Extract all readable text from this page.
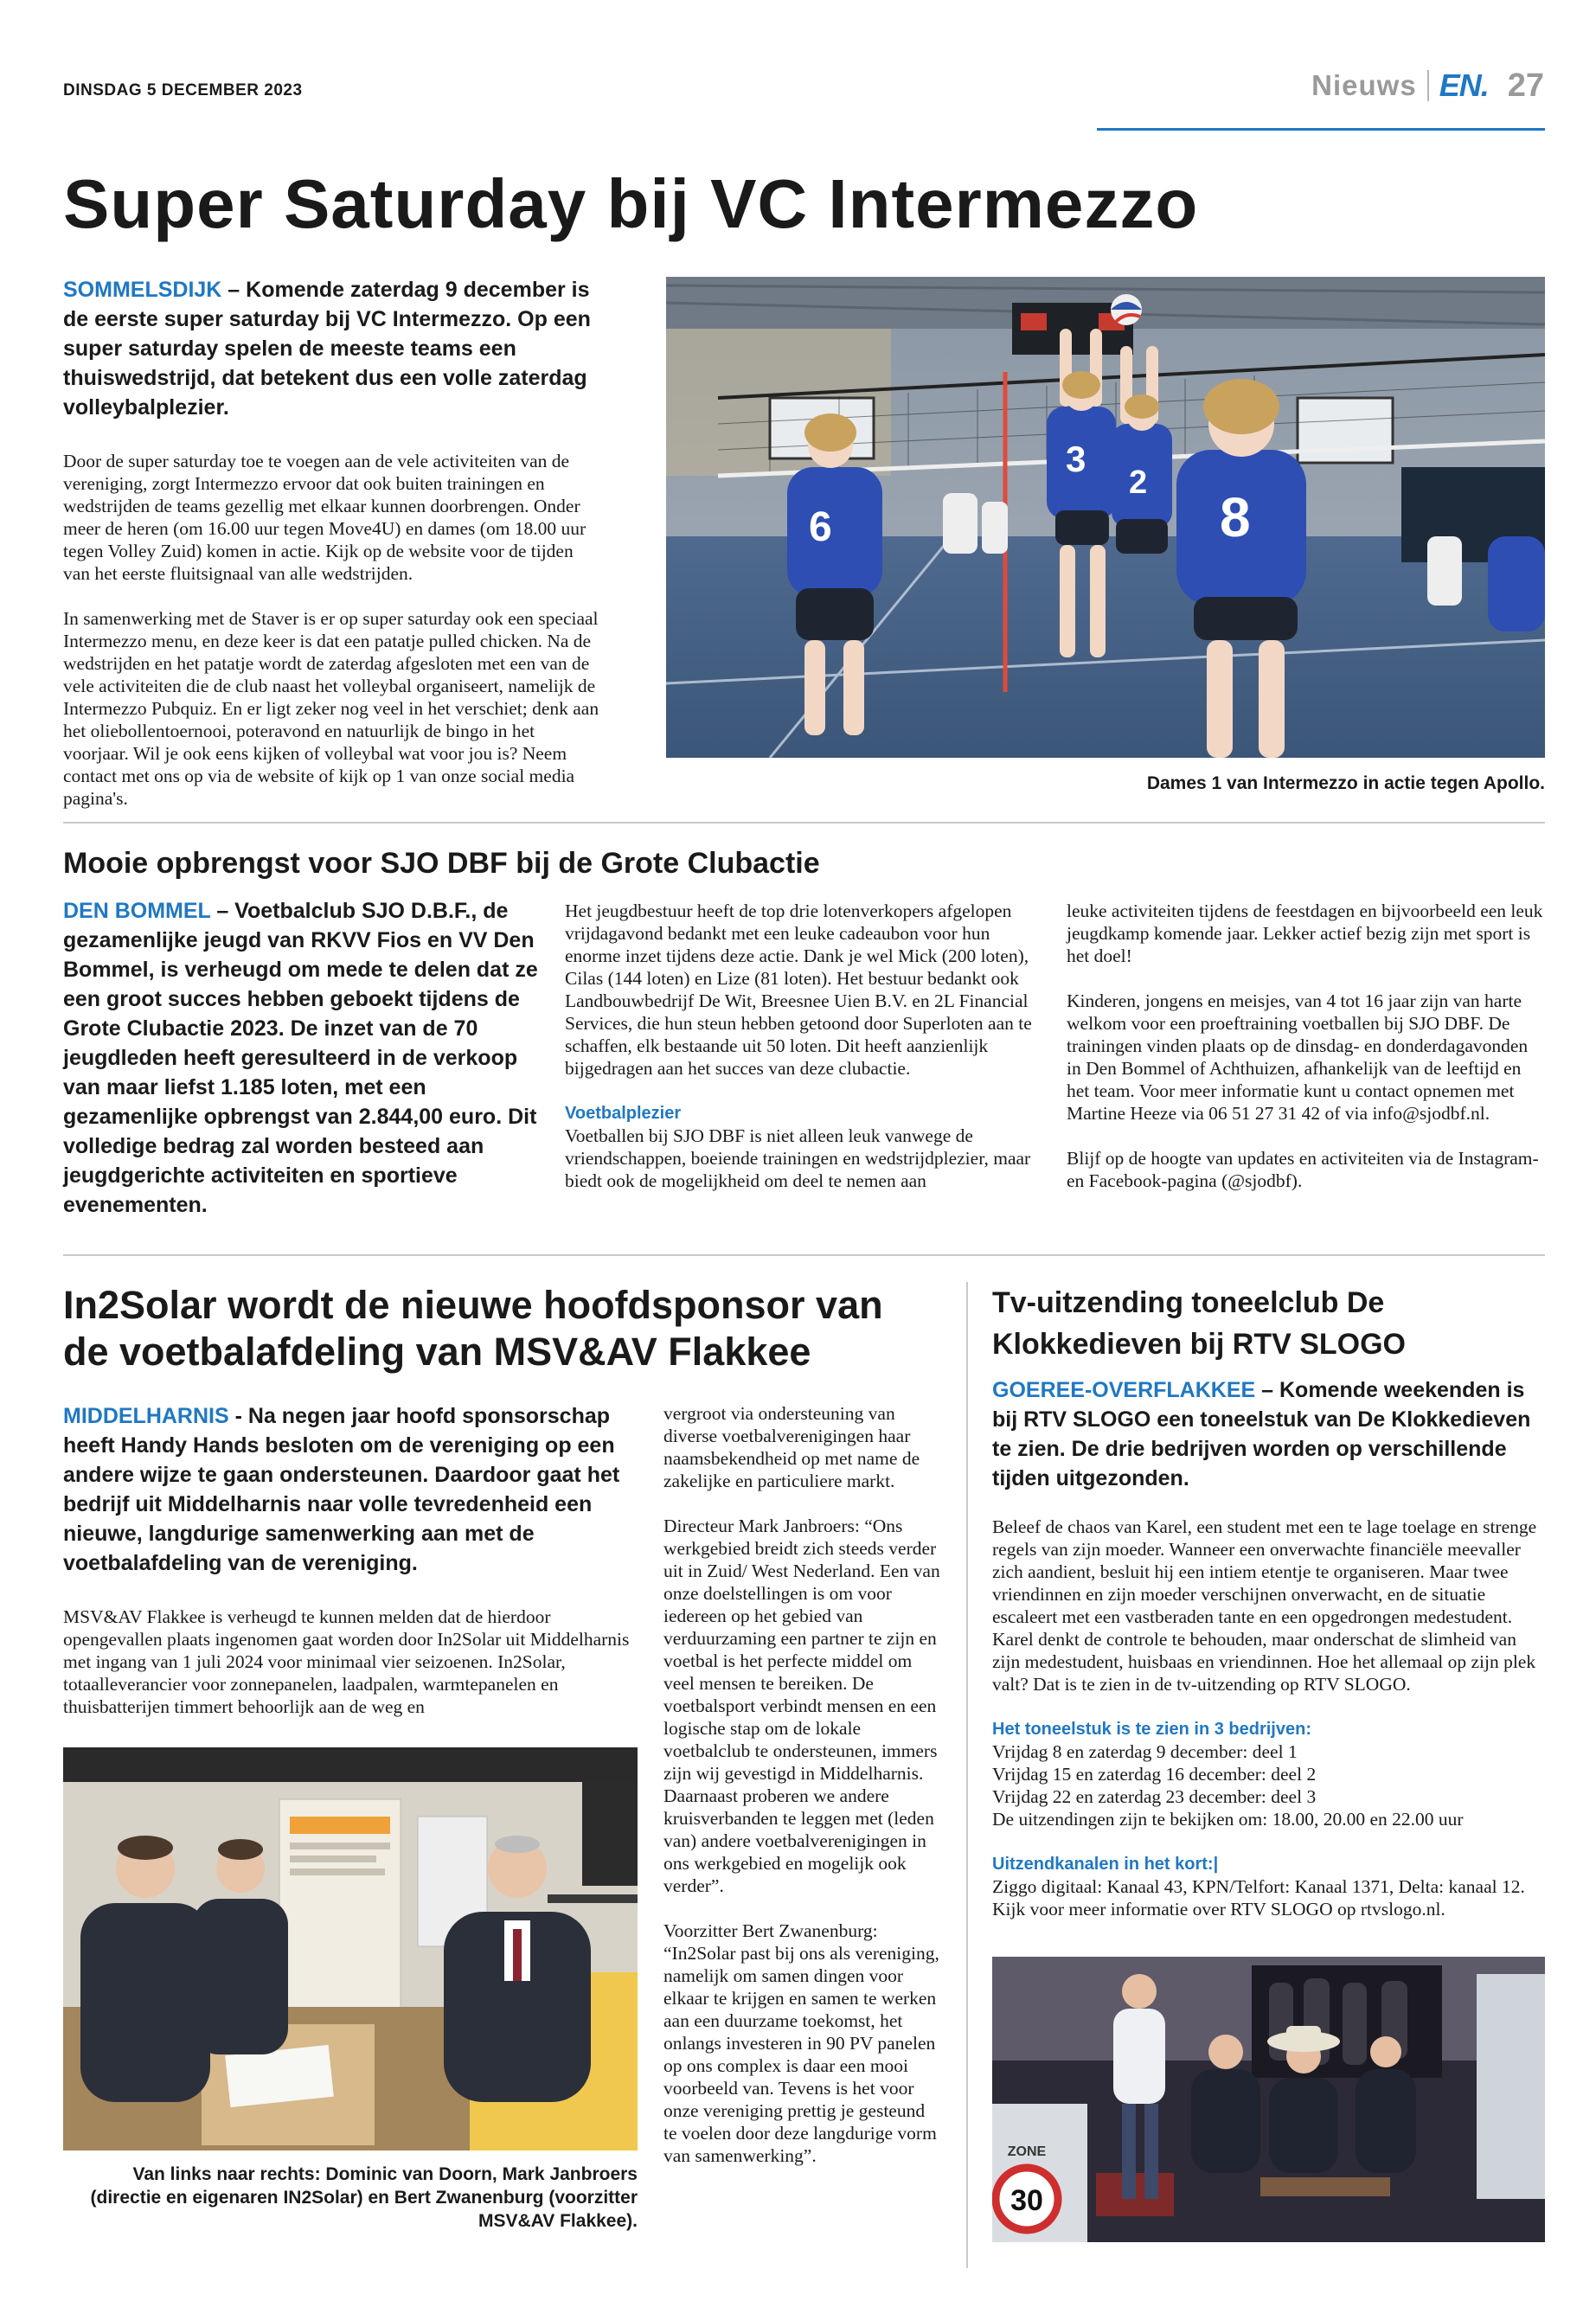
DINSDAG 5 DECEMBER 2023	Nieuws EN. 27
Super Saturday bij VC Intermezzo
SOMMELSDIJK – Komende zaterdag 9 december is de eerste super saturday bij VC Intermezzo. Op een super saturday spelen de meeste teams een thuiswedstrijd, dat betekent dus een volle zaterdag volleybalplezier.

Door de super saturday toe te voegen aan de vele activiteiten van de vereniging, zorgt Intermezzo ervoor dat ook buiten trainingen en wedstrijden de teams gezellig met elkaar kunnen doorbrengen. Onder meer de heren (om 16.00 uur tegen Move4U) en dames (om 18.00 uur tegen Volley Zuid) komen in actie. Kijk op de website voor de tijden van het eerste fluitsignaal van alle wedstrijden.

In samenwerking met de Staver is er op super saturday ook een speciaal Intermezzo menu, en deze keer is dat een patatje pulled chicken. Na de wedstrijden en het patatje wordt de zaterdag afgesloten met een van de vele activiteiten die de club naast het volleybal organiseert, namelijk de Intermezzo Pubquiz. En er ligt zeker nog veel in het verschiet; denk aan het oliebollentoernooi, poteravond en natuurlijk de bingo in het voorjaar. Wil je ook eens kijken of volleybal wat voor jou is? Neem contact met ons op via de website of kijk op 1 van onze social media pagina's.

6
3
2
8
Dames 1 van Intermezzo in actie tegen Apollo.
Mooie opbrengst voor SJO DBF bij de Grote Clubactie
DEN BOMMEL – Voetbalclub SJO D.B.F., de gezamenlijke jeugd van RKVV Fios en VV Den Bommel, is verheugd om mede te delen dat ze een groot succes hebben geboekt tijdens de Grote Clubactie 2023. De inzet van de 70 jeugdleden heeft geresulteerd in de verkoop van maar liefst 1.185 loten, met een gezamenlijke opbrengst van 2.844,00 euro. Dit volledige bedrag zal worden besteed aan jeugdgerichte activiteiten en sportieve evenementen.

Het jeugdbestuur heeft de top drie lotenverkopers afgelopen vrijdagavond bedankt met een leuke cadeaubon voor hun enorme inzet tijdens deze actie. Dank je wel Mick (200 loten), Cilas (144 loten) en Lize (81 loten). Het bestuur bedankt ook Landbouwbedrijf De Wit, Breesnee Uien B.V. en 2L Financial Services, die hun steun hebben getoond door Superloten aan te schaffen, elk bestaande uit 50 loten. Dit heeft aanzienlijk bijgedragen aan het succes van deze clubactie.

Voetbalplezier

Voetballen bij SJO DBF is niet alleen leuk vanwege de vriendschappen, boeiende trainingen en wedstrijdplezier, maar biedt ook de mogelijkheid om deel te nemen aan

leuke activiteiten tijdens de feestdagen en bijvoorbeeld een leuk jeugdkamp komende jaar. Lekker actief bezig zijn met sport is het doel!

Kinderen, jongens en meisjes, van 4 tot 16 jaar zijn van harte welkom voor een proeftraining voetballen bij SJO DBF. De trainingen vinden plaats op de dinsdag- en donderdagavonden in Den Bommel of Achthuizen, afhankelijk van de leeftijd en het team. Voor meer informatie kunt u contact opnemen met Martine Heeze via 06 51 27 31 42 of via info@sjodbf.nl.

Blijf op de hoogte van updates en activiteiten via de Instagram- en Facebook-pagina (@sjodbf).

In2Solar wordt de nieuwe hoofdsponsor van de voetbalafdeling van MSV&AV Flakkee
MIDDELHARNIS - Na negen jaar hoofd sponsorschap heeft Handy Hands besloten om de vereniging op een andere wijze te gaan ondersteunen. Daardoor gaat het bedrijf uit Middelharnis naar volle tevredenheid een nieuwe, langdurige samenwerking aan met de voetbalafdeling van de vereniging.

MSV&AV Flakkee is verheugd te kunnen melden dat de hierdoor opengevallen plaats ingenomen gaat worden door In2Solar uit Middelharnis met ingang van 1 juli 2024 voor minimaal vier seizoenen. In2Solar, totaalleverancier voor zonnepanelen, laadpalen, warmtepanelen en thuisbatterijen timmert behoorlijk aan de weg en

Van links naar rechts: Dominic van Doorn, Mark Janbroers (directie en eigenaren IN2Solar) en Bert Zwanenburg (voorzitter MSV&AV Flakkee).

vergroot via ondersteuning van diverse voetbalverenigingen haar naamsbekendheid op met name de zakelijke en particuliere markt.

Directeur Mark Janbroers: “Ons werkgebied breidt zich steeds verder uit in Zuid/ West Nederland. Een van onze doelstellingen is om voor iedereen op het gebied van verduurzaming een partner te zijn en voetbal is het perfecte middel om veel mensen te bereiken. De voetbalsport verbindt mensen en een logische stap om de lokale voetbalclub te ondersteunen, immers zijn wij gevestigd in Middelharnis. Daarnaast proberen we andere kruisverbanden te leggen met (leden van) andere voetbalverenigingen in ons werkgebied en mogelijk ook verder”.

Voorzitter Bert Zwanenburg: “In2Solar past bij ons als vereniging, namelijk om samen dingen voor elkaar te krijgen en samen te werken aan een duurzame toekomst, het onlangs investeren in 90 PV panelen op ons complex is daar een mooi voorbeeld van. Tevens is het voor onze vereniging prettig je gesteund te voelen door deze langdurige vorm van samenwerking”.

Tv-uitzending toneelclub De Klokkedieven bij RTV SLOGO
GOEREE-OVERFLAKKEE – Komende weekenden is bij RTV SLOGO een toneelstuk van De Klokkedieven te zien. De drie bedrijven worden op verschillende tijden uitgezonden.

Beleef de chaos van Karel, een student met een te lage toelage en strenge regels van zijn moeder. Wanneer een onverwachte financiële meevaller zich aandient, besluit hij een intiem etentje te organiseren. Maar twee vriendinnen en zijn moeder verschijnen onverwacht, en de situatie escaleert met een vastberaden tante en een opgedrongen medestudent. Karel denkt de controle te behouden, maar onderschat de slimheid van zijn medestudent, huisbaas en vriendinnen. Hoe het allemaal op zijn plek valt? Dat is te zien in de tv-uitzending op RTV SLOGO.

Het toneelstuk is te zien in 3 bedrijven:
Vrijdag 8 en zaterdag 9 december: deel 1
Vrijdag 15 en zaterdag 16 december: deel 2
Vrijdag 22 en zaterdag 23 december: deel 3
De uitzendingen zijn te bekijken om: 18.00, 20.00 en 22.00 uur
Uitzendkanalen in het kort:|
Ziggo digitaal: Kanaal 43, KPN/Telfort: Kanaal 1371, Delta: kanaal 12.
Kijk voor meer informatie over RTV SLOGO op rtvslogo.nl.
30
ZONE
